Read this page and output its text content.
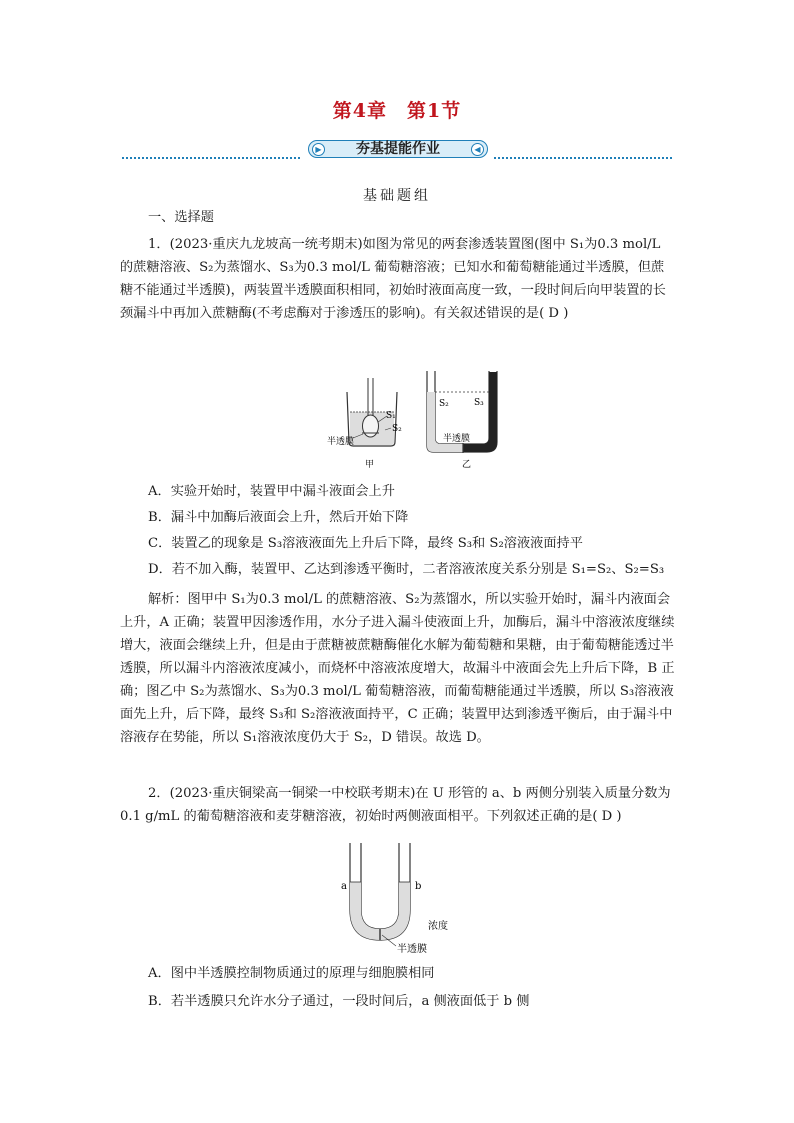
第4章　第1节
▶	夯基提能作业	◀
基础题组
一、选择题
1．(2023·重庆九龙坡高一统考期末)如图为常见的两套渗透装置图(图中 S₁为0.3 mol/L 的蔗糖溶液、S₂为蒸馏水、S₃为0.3 mol/L 葡萄糖溶液；已知水和葡萄糖能通过半透膜，但蔗糖不能通过半透膜)，两装置半透膜面积相同，初始时液面高度一致，一段时间后向甲装置的长颈漏斗中再加入蔗糖酶(不考虑酶对于渗透压的影响)。有关叙述错误的是( D )
S₁
S₂
半透膜
甲
S₂	S₃
半透膜
乙
A．实验开始时，装置甲中漏斗液面会上升
B．漏斗中加酶后液面会上升，然后开始下降
C．装置乙的现象是 S₃溶液液面先上升后下降，最终 S₃和 S₂溶液液面持平
D．若不加入酶，装置甲、乙达到渗透平衡时，二者溶液浓度关系分别是 S₁=S₂、S₂=S₃
解析：图甲中 S₁为0.3 mol/L 的蔗糖溶液、S₂为蒸馏水，所以实验开始时，漏斗内液面会上升，A 正确；装置甲因渗透作用，水分子进入漏斗使液面上升，加酶后，漏斗中溶液浓度继续增大，液面会继续上升，但是由于蔗糖被蔗糖酶催化水解为葡萄糖和果糖，由于葡萄糖能透过半透膜，所以漏斗内溶液浓度减小，而烧杯中溶液浓度增大，故漏斗中液面会先上升后下降，B 正确；图乙中 S₂为蒸馏水、S₃为0.3 mol/L 葡萄糖溶液，而葡萄糖能通过半透膜，所以 S₃溶液液面先上升，后下降，最终 S₃和 S₂溶液液面持平，C 正确；装置甲达到渗透平衡后，由于漏斗中溶液存在势能，所以 S₁溶液浓度仍大于 S₂，D 错误。故选 D。
2．(2023·重庆铜梁高一铜梁一中校联考期末)在 U 形管的 a、b 两侧分别装入质量分数为0.1 g/mL 的葡萄糖溶液和麦芽糖溶液，初始时两侧液面相平。下列叙述正确的是( D )
a	b
浓度
半透膜
A．图中半透膜控制物质通过的原理与细胞膜相同
B．若半透膜只允许水分子通过，一段时间后，a 侧液面低于 b 侧
